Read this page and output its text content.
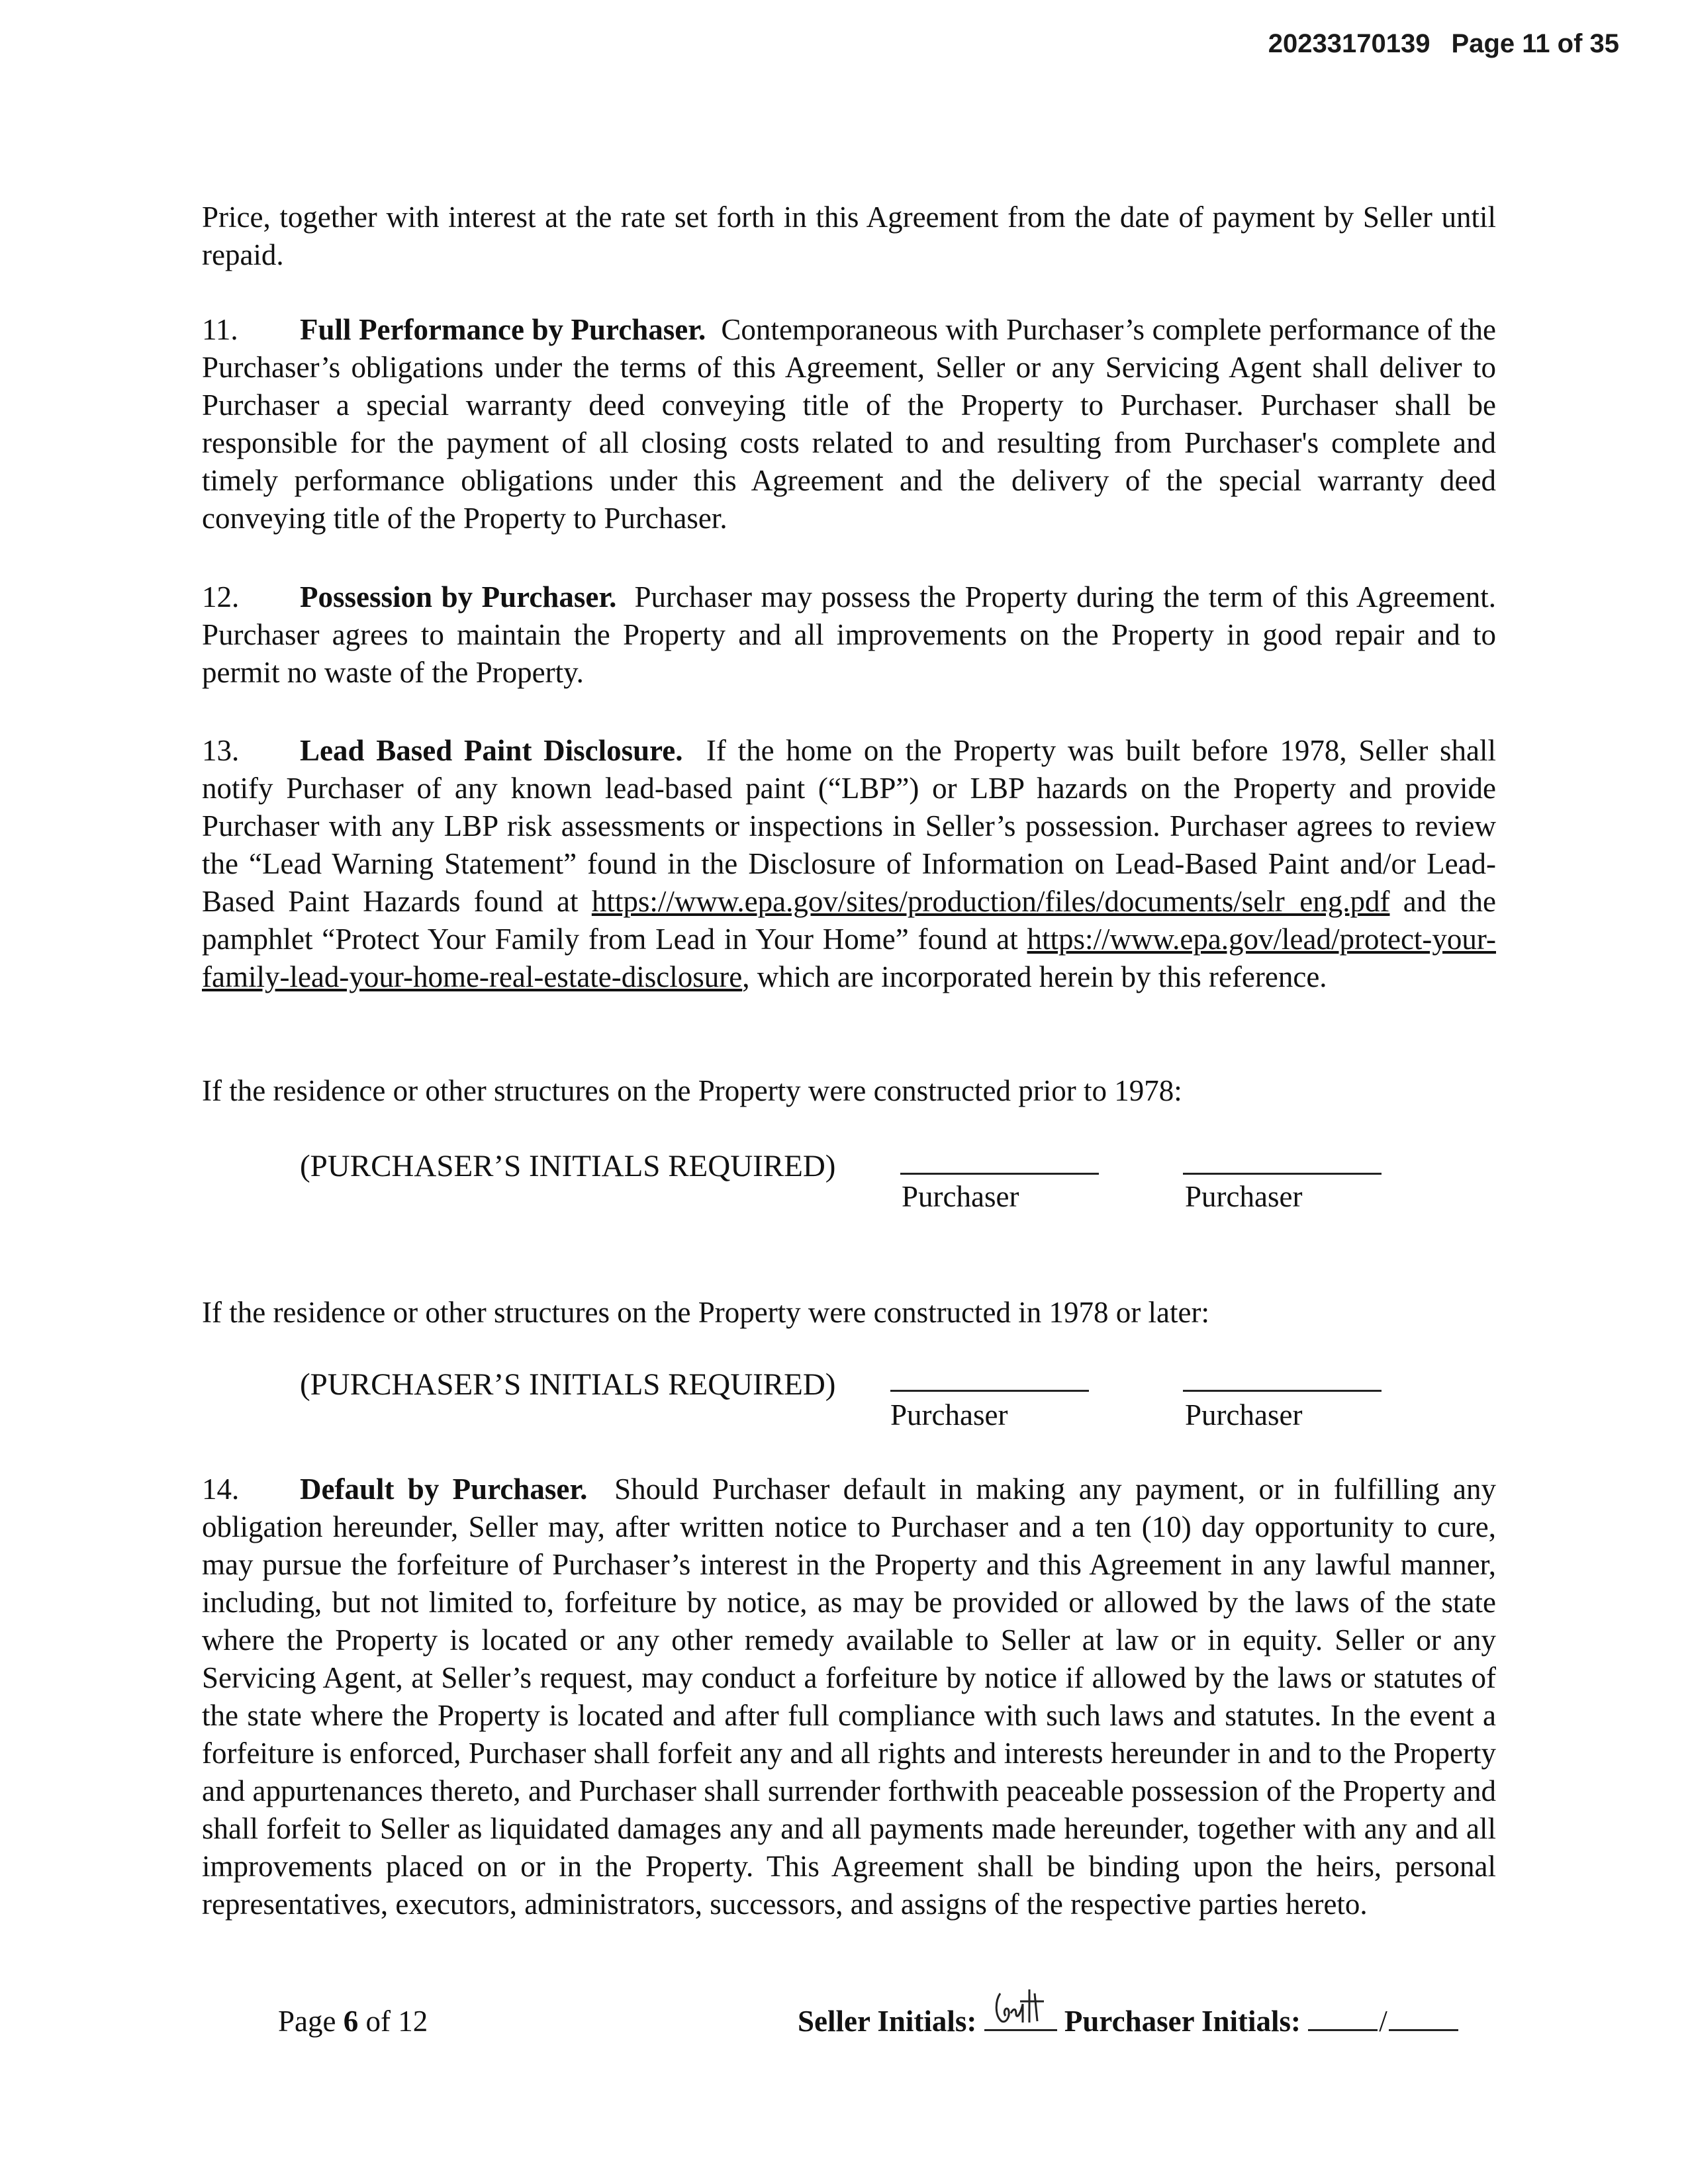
20233170139 Page 11 of 35
Price, together with interest at the rate set forth in this Agreement from the date of payment by Seller until repaid.
11. Full Performance by Purchaser. Contemporaneous with Purchaser’s complete performance of the Purchaser’s obligations under the terms of this Agreement, Seller or any Servicing Agent shall deliver to Purchaser a special warranty deed conveying title of the Property to Purchaser. Purchaser shall be responsible for the payment of all closing costs related to and resulting from Purchaser's complete and timely performance obligations under this Agreement and the delivery of the special warranty deed conveying title of the Property to Purchaser.
12. Possession by Purchaser. Purchaser may possess the Property during the term of this Agreement. Purchaser agrees to maintain the Property and all improvements on the Property in good repair and to permit no waste of the Property.
13. Lead Based Paint Disclosure. If the home on the Property was built before 1978, Seller shall notify Purchaser of any known lead-based paint (“LBP”) or LBP hazards on the Property and provide Purchaser with any LBP risk assessments or inspections in Seller’s possession. Purchaser agrees to review the “Lead Warning Statement” found in the Disclosure of Information on Lead-Based Paint and/or Lead-Based Paint Hazards found at https://www.epa.gov/sites/production/files/documents/selr_eng.pdf and the pamphlet “Protect Your Family from Lead in Your Home” found at https://www.epa.gov/lead/protect-your-family-lead-your-home-real-estate-disclosure, which are incorporated herein by this reference.
If the residence or other structures on the Property were constructed prior to 1978:
(PURCHASER’S INITIALS REQUIRED)
Purchaser	Purchaser
If the residence or other structures on the Property were constructed in 1978 or later:
(PURCHASER’S INITIALS REQUIRED)
Purchaser	Purchaser
14. Default by Purchaser. Should Purchaser default in making any payment, or in fulfilling any obligation hereunder, Seller may, after written notice to Purchaser and a ten (10) day opportunity to cure, may pursue the forfeiture of Purchaser’s interest in the Property and this Agreement in any lawful manner, including, but not limited to, forfeiture by notice, as may be provided or allowed by the laws of the state where the Property is located or any other remedy available to Seller at law or in equity. Seller or any Servicing Agent, at Seller’s request, may conduct a forfeiture by notice if allowed by the laws or statutes of the state where the Property is located and after full compliance with such laws and statutes. In the event a forfeiture is enforced, Purchaser shall forfeit any and all rights and interests hereunder in and to the Property and appurtenances thereto, and Purchaser shall surrender forthwith peaceable possession of the Property and shall forfeit to Seller as liquidated damages any and all payments made hereunder, together with any and all improvements placed on or in the Property. This Agreement shall be binding upon the heirs, personal representatives, executors, administrators, successors, and assigns of the respective parties hereto.
Page 6 of 12	Seller Initials:	Purchaser Initials:	/
